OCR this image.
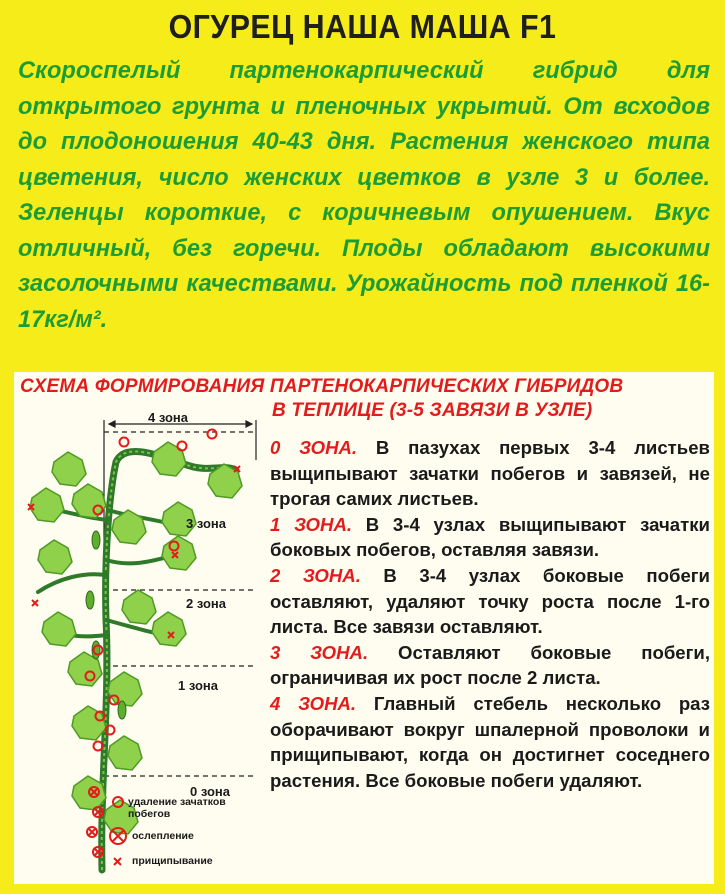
ОГУРЕЦ НАША МАША F1
Скороспелый партенокарпический гибрид для открытого грунта и пленочных укрытий. От всходов до плодоношения 40-43 дня. Растения женского типа цветения, число женских цветков в узле 3 и более. Зеленцы короткие, с коричневым опушением. Вкус отличный, без горечи. Плоды обладают высокими засолочными качествами. Урожайность под пленкой 16-17кг/м².
СХЕМА ФОРМИРОВАНИЯ ПАРТЕНОКАРПИЧЕСКИХ ГИБРИДОВ
В ТЕПЛИЦЕ (3-5 ЗАВЯЗИ В УЗЛЕ)

0 ЗОНА. В пазухах первых 3-4 листьев выщипывают зачатки побегов и завязей, не трогая самих листьев.

1 ЗОНА. В 3-4 узлах выщипывают зачатки боковых побегов, оставляя завязи.

2 ЗОНА. В 3-4 узлах боковые побеги оставляют, удаляют точку роста после 1-го листа. Все завязи оставляют.

3 ЗОНА. Оставляют боковые побеги, ограничивая их рост после 2 листа.

4 ЗОНА. Главный стебель несколько раз оборачивают вокруг шпалерной проволоки и прищипывают, когда он достигнет соседнего растения. Все боковые побеги удаляют.

4 зона
3 зона
2 зона
1 зона
0 зона
удаление зачатков побегов
ослепление
прищипывание
